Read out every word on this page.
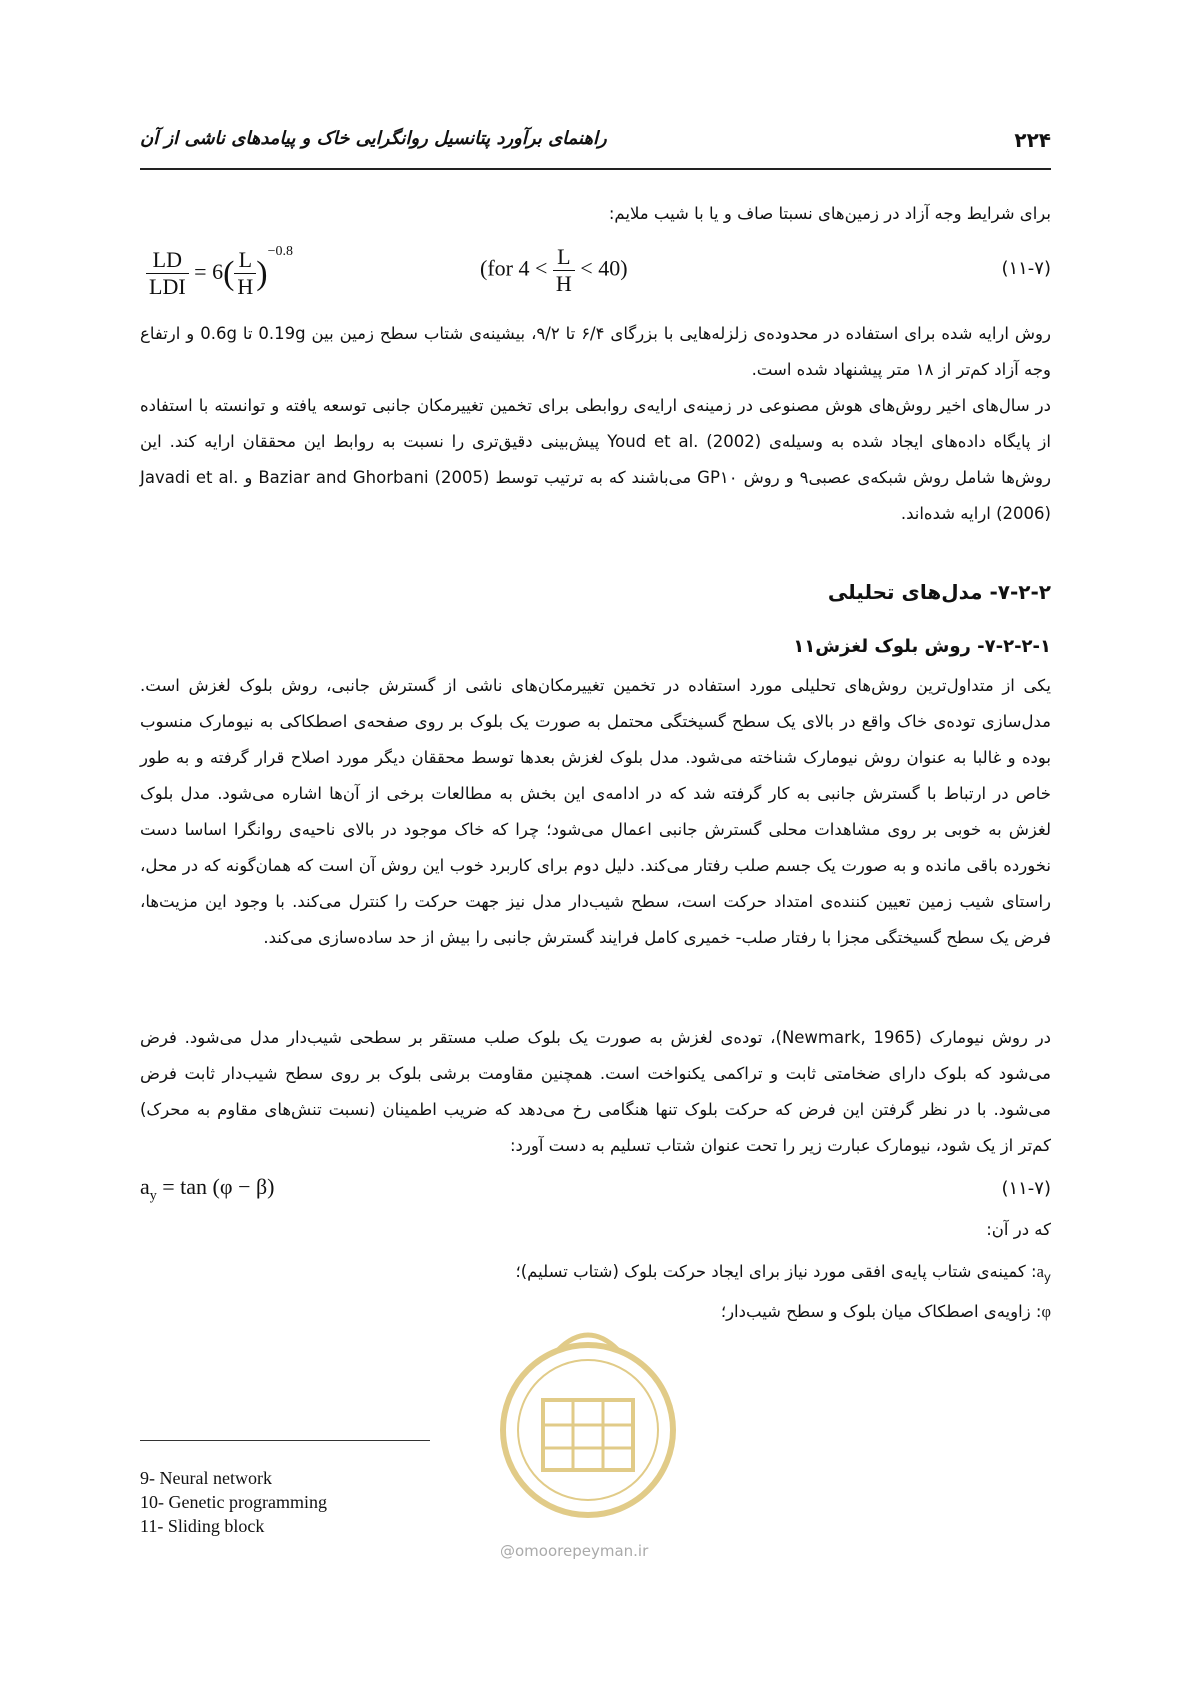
۲۲۴
راهنمای برآورد پتانسیل روانگرایی خاک و پیامدهای ناشی از آن
برای شرایط وجه آزاد در زمین‌های نسبتا صاف و یا با شیب ملایم:
$\frac{LD}{\text{LDI}} = 6( \frac{L}{H} )^{-0.8}$
(for $4 < \frac{L}{H} < 40$)	(۱۱-۷)
روش ارایه شده برای استفاده در محدوده‌ی زلزله‌هایی با بزرگای ۶/۴ تا ۹/۲، بیشینه‌ی شتاب سطح زمین بین 0.19g تا 0.6g و ارتفاع وجه آزاد کم‌تر از ۱۸ متر پیشنهاد شده است.
در سال‌های اخیر روش‌های هوش مصنوعی در زمینه‌ی ارایه‌ی روابطی برای تخمین تغییرمکان جانبی توسعه یافته و توانسته با استفاده از پایگاه داده‌های ایجاد شده به وسیله‌ی Youd et al. (2002) پیش‌بینی دقیق‌تری را نسبت به روابط این محققان ارایه کند. این روش‌ها شامل روش شبکه‌ی عصبی۹ و روش GP۱۰ می‌باشند که به ترتیب توسط Baziar and Ghorbani (2005) و Javadi et al. (2006) ارایه شده‌اند.
۷-۲-۲- مدل‌های تحلیلی
۷-۲-۲-۱- روش بلوک لغزش۱۱
یکی از متداول‌ترین روش‌های تحلیلی مورد استفاده در تخمین تغییرمکان‌های ناشی از گسترش جانبی، روش بلوک لغزش است. مدل‌سازی توده‌ی خاک واقع در بالای یک سطح گسیختگی محتمل به صورت یک بلوک بر روی صفحه‌ی اصطکاکی به نیومارک منسوب بوده و غالبا به عنوان روش نیومارک شناخته می‌شود. مدل بلوک لغزش بعدها توسط محققان دیگر مورد اصلاح قرار گرفته و به طور خاص در ارتباط با گسترش جانبی به کار گرفته شد که در ادامه‌ی این بخش به مطالعات برخی از آن‌ها اشاره می‌شود. مدل بلوک لغزش به خوبی بر روی مشاهدات محلی گسترش جانبی اعمال می‌شود؛ چرا که خاک موجود در بالای ناحیه‌ی روانگرا اساسا دست نخورده باقی مانده و به صورت یک جسم صلب رفتار می‌کند. دلیل دوم برای کاربرد خوب این روش آن است که همان‌گونه که در محل، راستای شیب زمین تعیین کننده‌ی امتداد حرکت است، سطح شیب‌دار مدل نیز جهت حرکت را کنترل می‌کند. با وجود این مزیت‌ها، فرض یک سطح گسیختگی مجزا با رفتار صلب- خمیری کامل فرایند گسترش جانبی را بیش از حد ساده‌سازی می‌کند.
در روش نیومارک (Newmark, 1965)، توده‌ی لغزش به صورت یک بلوک صلب مستقر بر سطحی شیب‌دار مدل می‌شود. فرض می‌شود که بلوک دارای ضخامتی ثابت و تراکمی یکنواخت است. همچنین مقاومت برشی بلوک بر روی سطح شیب‌دار ثابت فرض می‌شود. با در نظر گرفتن این فرض که حرکت بلوک تنها هنگامی رخ می‌دهد که ضریب اطمینان (نسبت تنش‌های مقاوم به محرک) کم‌تر از یک شود، نیومارک عبارت زیر را تحت عنوان شتاب تسلیم به دست آورد:
$a_y = \tan (\varphi - \beta)$	(۱۱-۷)
که در آن:
$a_y$: کمینه‌ی شتاب پایه‌ی افقی مورد نیاز برای ایجاد حرکت بلوک (شتاب تسلیم)؛
φ: زاویه‌ی اصطکاک میان بلوک و سطح شیب‌دار؛
@omoorepeyman.ir
9- Neural network
10- Genetic programming
11- Sliding block
